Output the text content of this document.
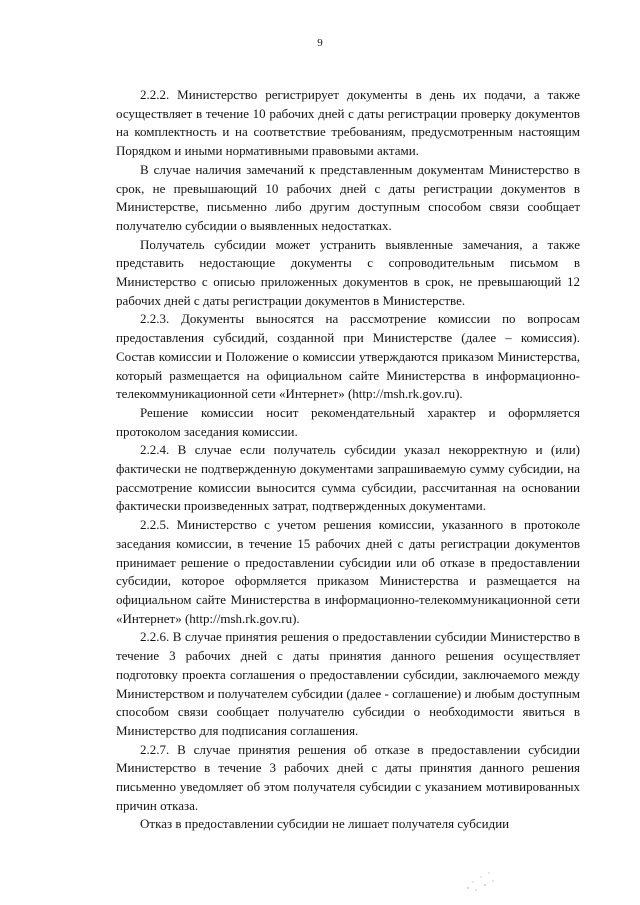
9

2.2.2. Министерство регистрирует документы в день их подачи, а также осуществляет в течение 10 рабочих дней с даты регистрации проверку документов на комплектность и на соответствие требованиям, предусмотренным настоящим Порядком и иными нормативными правовыми актами.

В случае наличия замечаний к представленным документам Министерство в срок, не превышающий 10 рабочих дней с даты регистрации документов в Министерстве, письменно либо другим доступным способом связи сообщает получателю субсидии о выявленных недостатках.

Получатель субсидии может устранить выявленные замечания, а также представить недостающие документы с сопроводительным письмом в Министерство с описью приложенных документов в срок, не превышающий 12 рабочих дней с даты регистрации документов в Министерстве.

2.2.3. Документы выносятся на рассмотрение комиссии по вопросам предоставления субсидий, созданной при Министерстве (далее – комиссия). Состав комиссии и Положение о комиссии утверждаются приказом Министерства, который размещается на официальном сайте Министерства в информационно-телекоммуникационной сети «Интернет» (http://msh.rk.gov.ru).

Решение комиссии носит рекомендательный характер и оформляется протоколом заседания комиссии.

2.2.4. В случае если получатель субсидии указал некорректную и (или) фактически не подтвержденную документами запрашиваемую сумму субсидии, на рассмотрение комиссии выносится сумма субсидии, рассчитанная на основании фактически произведенных затрат, подтвержденных документами.

2.2.5. Министерство с учетом решения комиссии, указанного в протоколе заседания комиссии, в течение 15 рабочих дней с даты регистрации документов принимает решение о предоставлении субсидии или об отказе в предоставлении субсидии, которое оформляется приказом Министерства и размещается на официальном сайте Министерства в информационно-телекоммуникационной сети «Интернет» (http://msh.rk.gov.ru).

2.2.6. В случае принятия решения о предоставлении субсидии Министерство в течение 3 рабочих дней с даты принятия данного решения осуществляет подготовку проекта соглашения о предоставлении субсидии, заключаемого между Министерством и получателем субсидии (далее - соглашение) и любым доступным способом связи сообщает получателю субсидии о необходимости явиться в Министерство для подписания соглашения.

2.2.7. В случае принятия решения об отказе в предоставлении субсидии Министерство в течение 3 рабочих дней с даты принятия данного решения письменно уведомляет об этом получателя субсидии с указанием мотивированных причин отказа.

Отказ в предоставлении субсидии не лишает получателя субсидии
